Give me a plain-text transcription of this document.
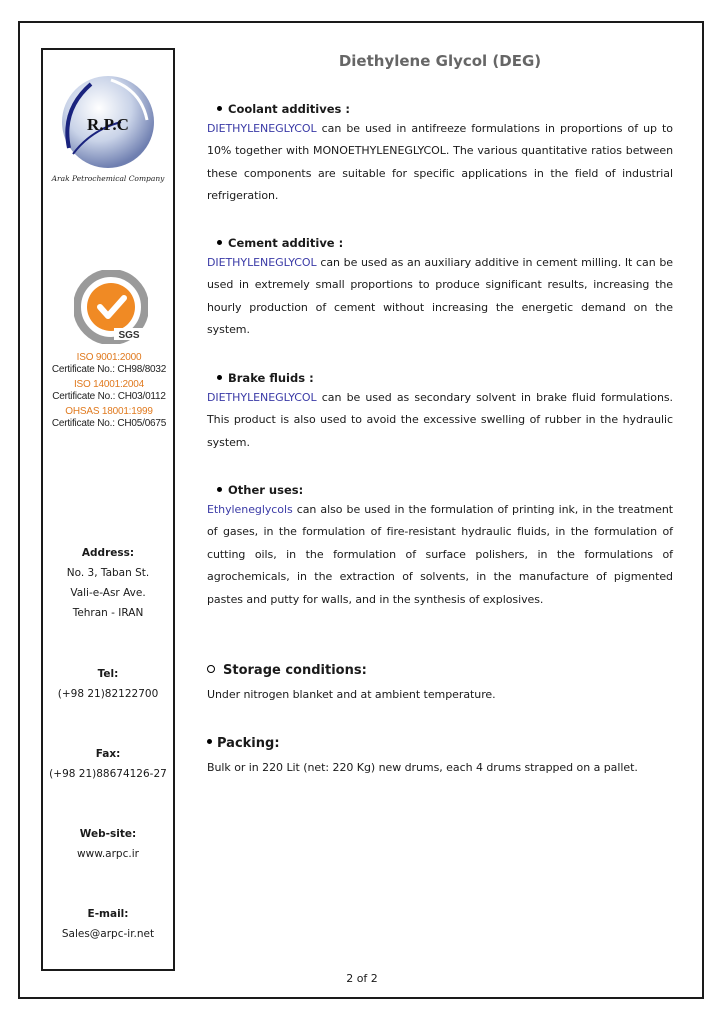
R.P.C
Arak Petrochemical Company
SGS
ISO 9001:2000
Certificate No.: CH98/8032
ISO 14001:2004
Certificate No.: CH03/0112
OHSAS 18001:1999
Certificate No.: CH05/0675
Address:
No. 3, Taban St.
Vali-e-Asr Ave.
Tehran - IRAN
Tel:
(+98 21)82122700
Fax:
(+98 21)88674126-27
Web-site:
www.arpc.ir
E-mail:
Sales@arpc-ir.net
Diethylene Glycol (DEG)
Coolant additives :
DIETHYLENEGLYCOL can be used in antifreeze formulations in proportions of up to 10% together with MONOETHYLENEGLYCOL. The various quantitative ratios between these components are suitable for specific applications in the field of industrial refrigeration.
Cement additive :
DIETHYLENEGLYCOL can be used as an auxiliary additive in cement milling. It can be used in extremely small proportions to produce significant results, increasing the hourly production of cement without increasing the energetic demand on the system.
Brake fluids :
DIETHYLENEGLYCOL can be used as secondary solvent in brake fluid formulations. This product is also used to avoid the excessive swelling of rubber in the hydraulic system.
Other uses:
Ethyleneglycols can also be used in the formulation of printing ink, in the treatment of gases, in the formulation of fire-resistant hydraulic fluids, in the formulation of cutting oils, in the formulation of surface polishers, in the formulations of agrochemicals, in the extraction of solvents, in the manufacture of pigmented pastes and putty for walls, and in the synthesis of explosives.
Storage conditions:
Under nitrogen blanket and at ambient temperature.
Packing:
Bulk or in 220 Lit (net: 220 Kg) new drums, each 4 drums strapped on a pallet.
2 of 2
